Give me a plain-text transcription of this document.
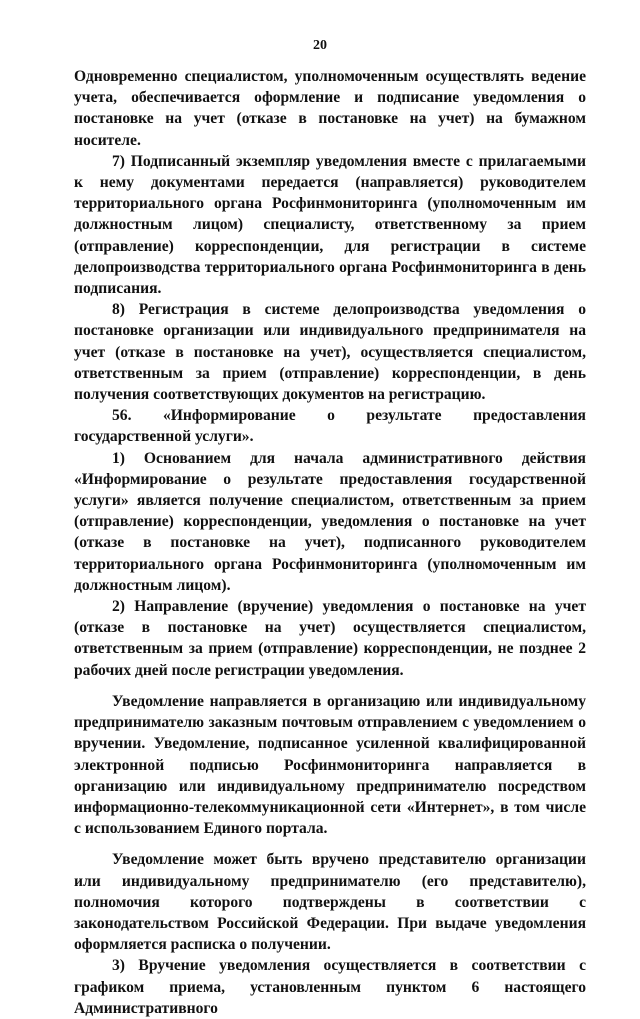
20

Одновременно специалистом, уполномоченным осуществлять ведение учета, обеспечивается оформление и подписание уведомления о постановке на учет (отказе в постановке на учет) на бумажном носителе.

7) Подписанный экземпляр уведомления вместе с прилагаемыми к нему документами передается (направляется) руководителем территориального органа Росфинмониторинга (уполномоченным им должностным лицом) специалисту, ответственному за прием (отправление) корреспонденции, для регистрации в системе делопроизводства территориального органа Росфинмониторинга в день подписания.

8) Регистрация в системе делопроизводства уведомления о постановке организации или индивидуального предпринимателя на учет (отказе в постановке на учет), осуществляется специалистом, ответственным за прием (отправление) корреспонденции, в день получения соответствующих документов на регистрацию.

56. «Информирование о результате предоставления государственной услуги».

1) Основанием для начала административного действия «Информирование о результате предоставления государственной услуги» является получение специалистом, ответственным за прием (отправление) корреспонденции, уведомления о постановке на учет (отказе в постановке на учет), подписанного руководителем территориального органа Росфинмониторинга (уполномоченным им должностным лицом).

2) Направление (вручение) уведомления о постановке на учет (отказе в постановке на учет) осуществляется специалистом, ответственным за прием (отправление) корреспонденции, не позднее 2 рабочих дней после регистрации уведомления.

Уведомление направляется в организацию или индивидуальному предпринимателю заказным почтовым отправлением с уведомлением о вручении. Уведомление, подписанное усиленной квалифицированной электронной подписью Росфинмониторинга направляется в организацию или индивидуальному предпринимателю посредством информационно-телекоммуникационной сети «Интернет», в том числе с использованием Единого портала.

Уведомление может быть вручено представителю организации или индивидуальному предпринимателю (его представителю), полномочия которого подтверждены в соответствии с законодательством Российской Федерации. При выдаче уведомления оформляется расписка о получении.

3) Вручение уведомления осуществляется в соответствии с графиком приема, установленным пунктом 6 настоящего Административного
